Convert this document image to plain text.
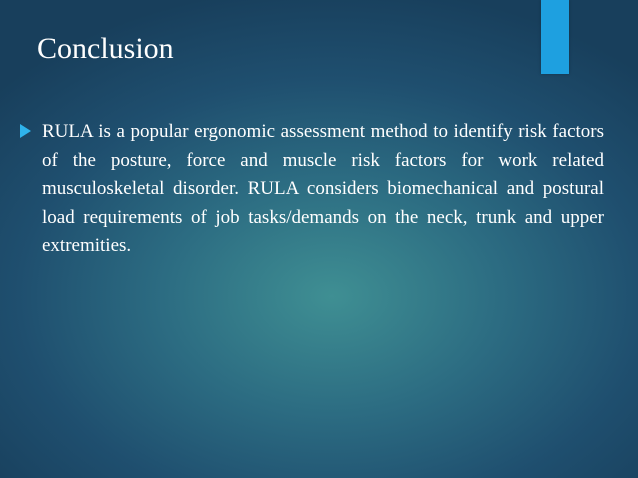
Conclusion

RULA is a popular ergonomic assessment method to identify risk factors of the posture, force and muscle risk factors for work related musculoskeletal disorder. RULA considers biomechanical and postural load requirements of job tasks/demands on the neck, trunk and upper extremities.
